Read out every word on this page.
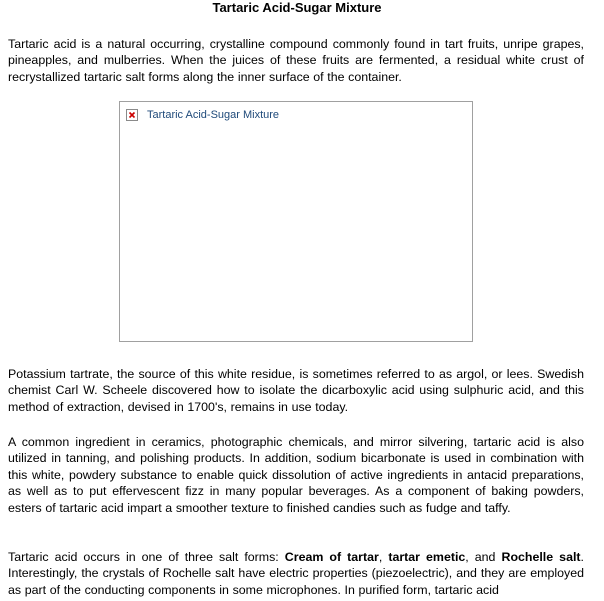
Tartaric Acid-Sugar Mixture

Tartaric acid is a natural occurring, crystalline compound commonly found in tart fruits, unripe grapes, pineapples, and mulberries. When the juices of these fruits are fermented, a residual white crust of recrystallized tartaric salt forms along the inner surface of the container.

Tartaric Acid-Sugar Mixture

Potassium tartrate, the source of this white residue, is sometimes referred to as argol, or lees. Swedish chemist Carl W. Scheele discovered how to isolate the dicarboxylic acid using sulphuric acid, and this method of extraction, devised in 1700's, remains in use today.

A common ingredient in ceramics, photographic chemicals, and mirror silvering, tartaric acid is also utilized in tanning, and polishing products. In addition, sodium bicarbonate is used in combination with this white, powdery substance to enable quick dissolution of active ingredients in antacid preparations, as well as to put effervescent fizz in many popular beverages. As a component of baking powders, esters of tartaric acid impart a smoother texture to finished candies such as fudge and taffy.

Tartaric acid occurs in one of three salt forms: Cream of tartar, tartar emetic, and Rochelle salt. Interestingly, the crystals of Rochelle salt have electric properties (piezoelectric), and they are employed as part of the conducting components in some microphones. In purified form, tartaric acid
